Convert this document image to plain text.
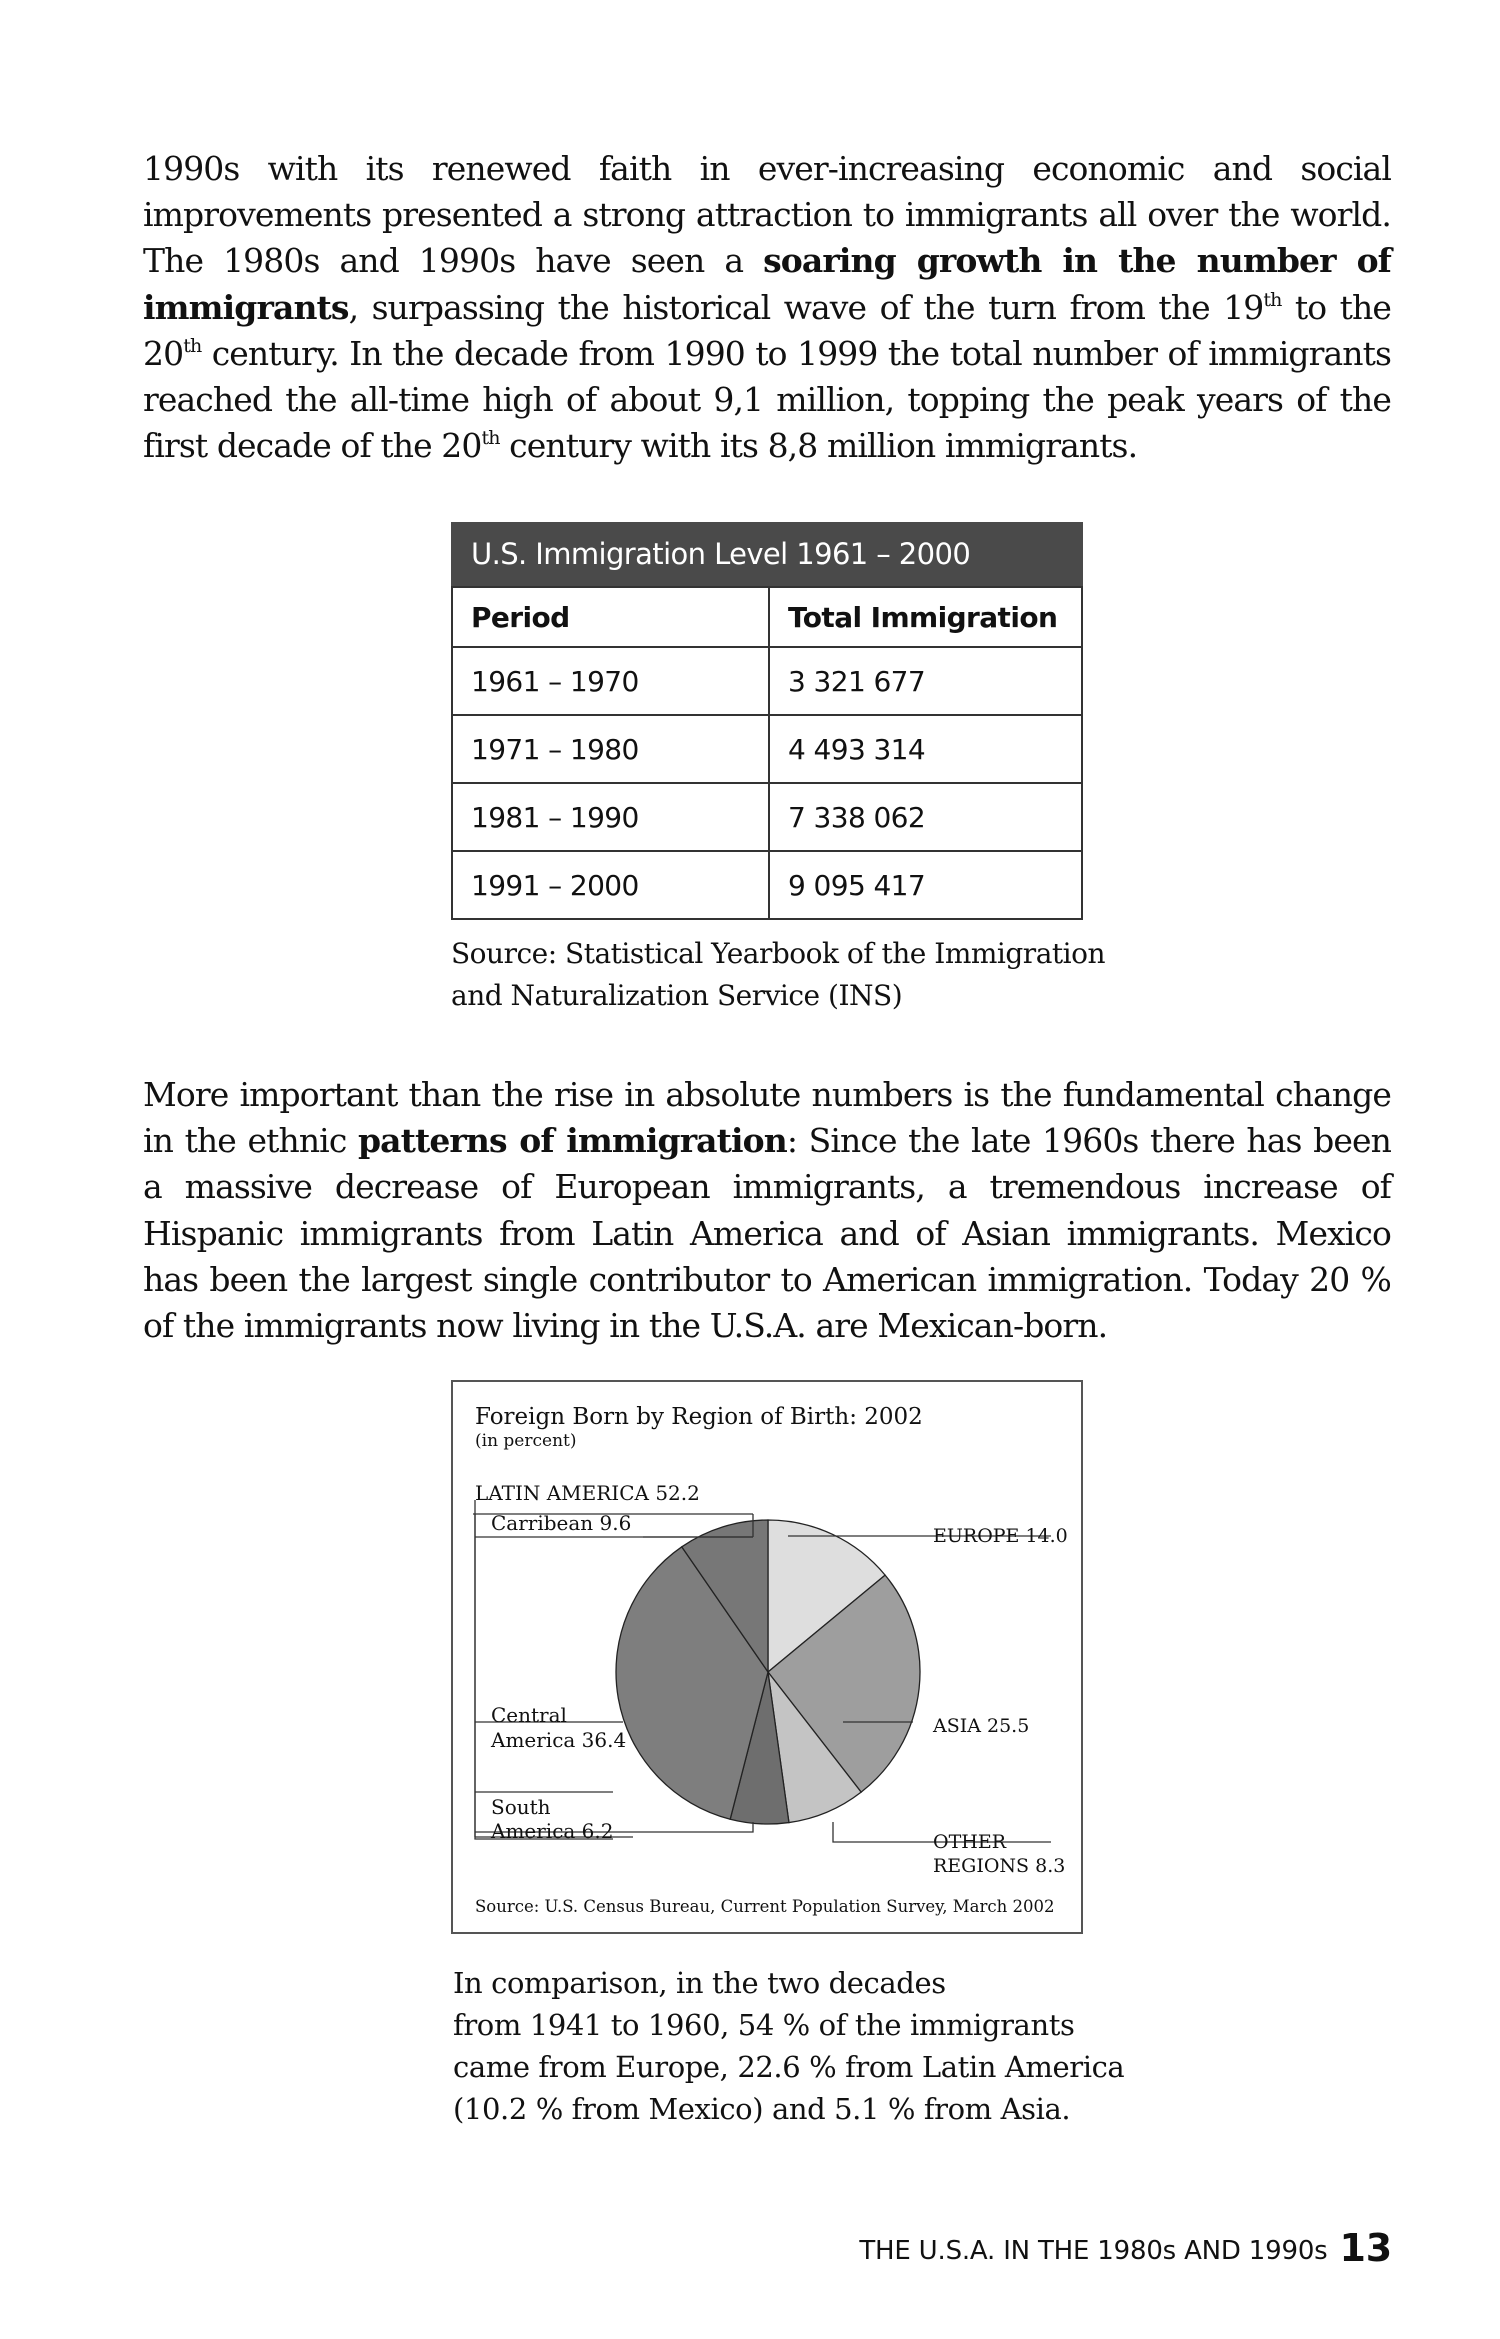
1990s with its renewed faith in ever-increasing economic and social improvements presented a strong attraction to immigrants all over the world. The 1980s and 1990s have seen a soaring growth in the number of immigrants, surpassing the historical wave of the turn from the 19th to the 20th century. In the decade from 1990 to 1999 the total number of immigrants reached the all-time high of about 9,1 million, topping the peak years of the first decade of the 20th century with its 8,8 million immigrants.
U.S. Immigration Level 1961 – 2000
Period	Total Immigration
1961 – 1970	3 321 677
1971 – 1980	4 493 314
1981 – 1990	7 338 062
1991 – 2000	9 095 417
Source: Statistical Yearbook of the Immigration
and Naturalization Service (INS)
More important than the rise in absolute numbers is the fundamental change in the ethnic patterns of immigration: Since the late 1960s there has been a massive decrease of European immigrants, a tremendous increase of Hispanic immigrants from Latin America and of Asian immigrants. Mexico has been the largest single contributor to American immigration. Today 20 % of the immigrants now living in the U.S.A. are Mexican-born.
Foreign Born by Region of Birth: 2002
(in percent)
LATIN AMERICA 52.2
Carribean 9.6
EUROPE 14.0
Central
America 36.4
ASIA 25.5
South
America 6.2	OTHER
REGIONS 8.3
Source: U.S. Census Bureau, Current Population Survey, March 2002
In comparison, in the two decades
from 1941 to 1960, 54 % of the immigrants
came from Europe, 22.6 % from Latin America
(10.2 % from Mexico) and 5.1 % from Asia.
THE U.S.A. IN THE 1980s AND 1990s 13
